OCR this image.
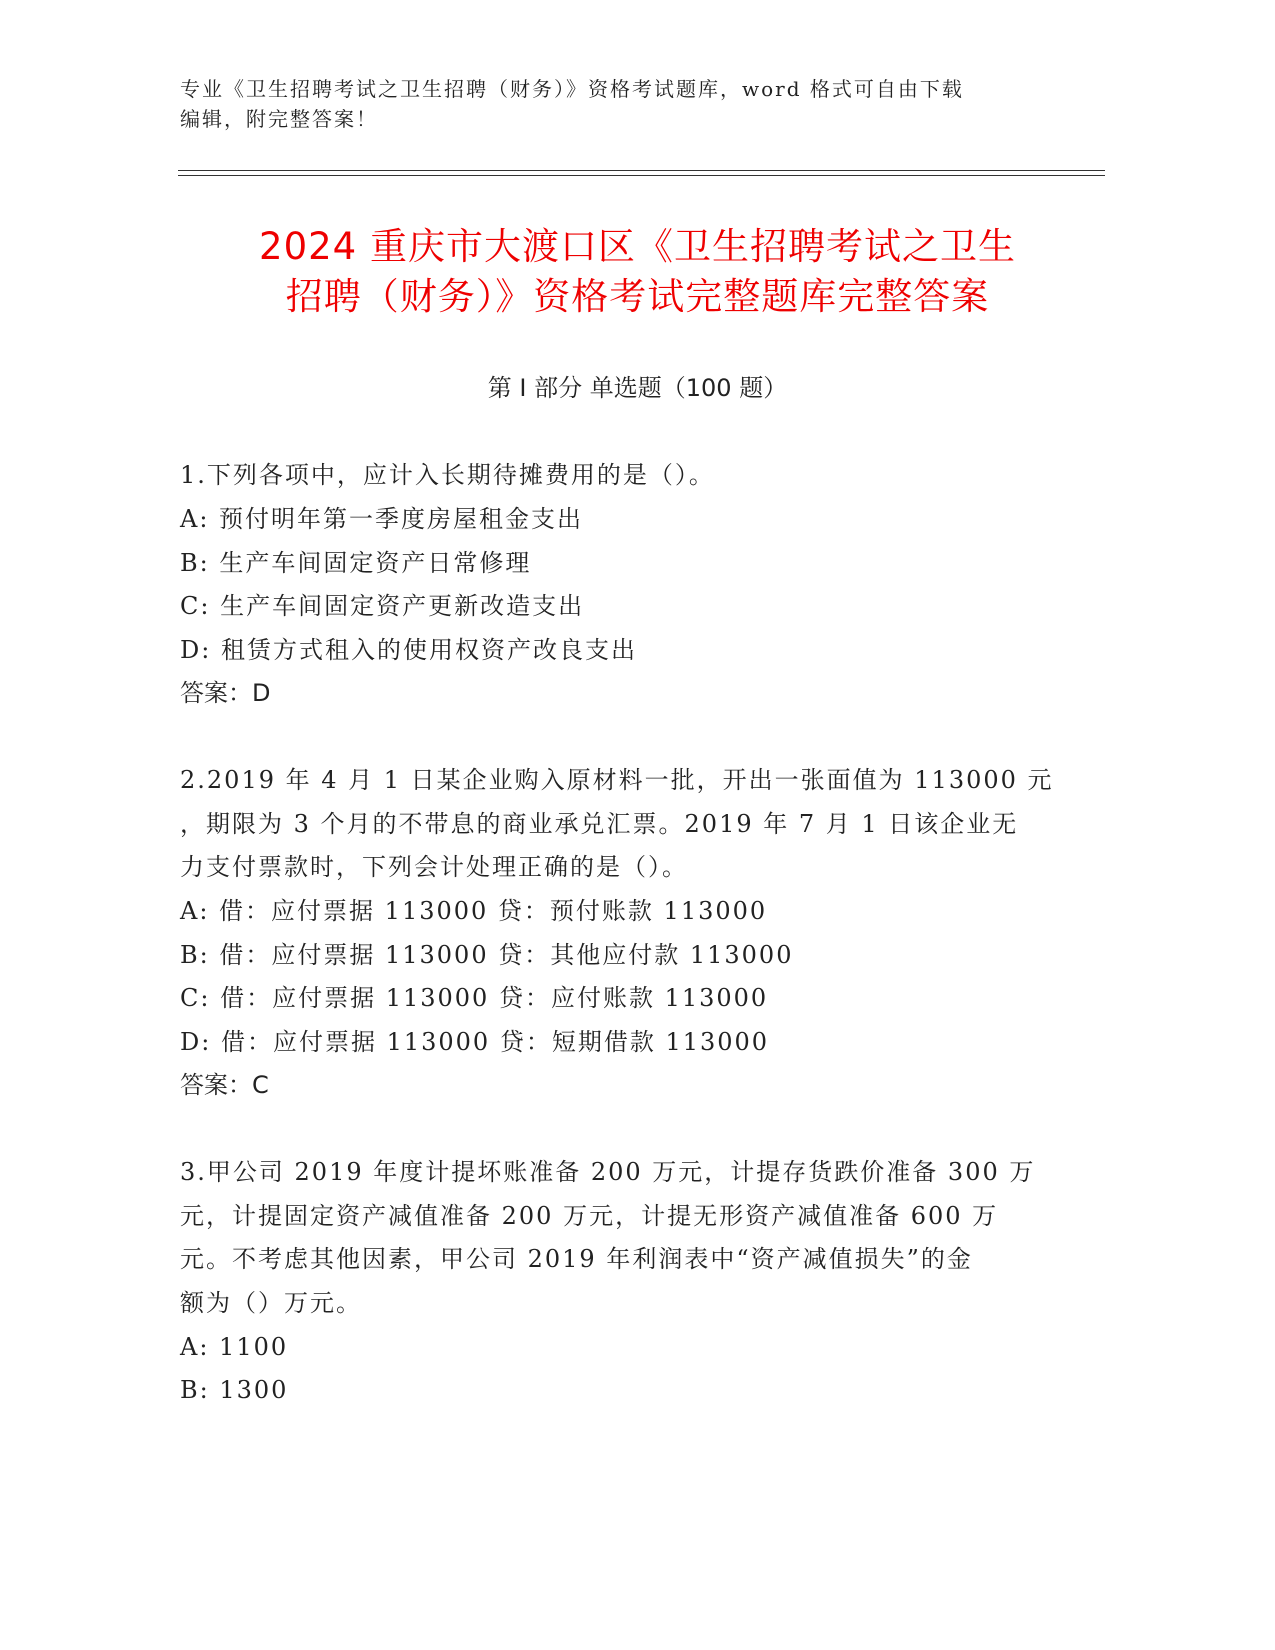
专业《卫生招聘考试之卫生招聘（财务）》资格考试题库，word 格式可自由下载
编辑，附完整答案！
2024 重庆市大渡口区《卫生招聘考试之卫生
招聘（财务）》资格考试完整题库完整答案
第 I 部分 单选题（100 题）
1.下列各项中，应计入长期待摊费用的是（）。
A: 预付明年第一季度房屋租金支出
B: 生产车间固定资产日常修理
C: 生产车间固定资产更新改造支出
D: 租赁方式租入的使用权资产改良支出
答案：D
2.2019 年 4 月 1 日某企业购入原材料一批，开出一张面值为 113000 元
，期限为 3 个月的不带息的商业承兑汇票。2019 年 7 月 1 日该企业无
力支付票款时，下列会计处理正确的是（）。
A: 借：应付票据 113000 贷：预付账款 113000
B: 借：应付票据 113000 贷：其他应付款 113000
C: 借：应付票据 113000 贷：应付账款 113000
D: 借：应付票据 113000 贷：短期借款 113000
答案：C
3.甲公司 2019 年度计提坏账准备 200 万元，计提存货跌价准备 300 万
元，计提固定资产减值准备 200 万元，计提无形资产减值准备 600 万
元。不考虑其他因素，甲公司 2019 年利润表中“资产减值损失”的金
额为（）万元。
A: 1100
B: 1300
